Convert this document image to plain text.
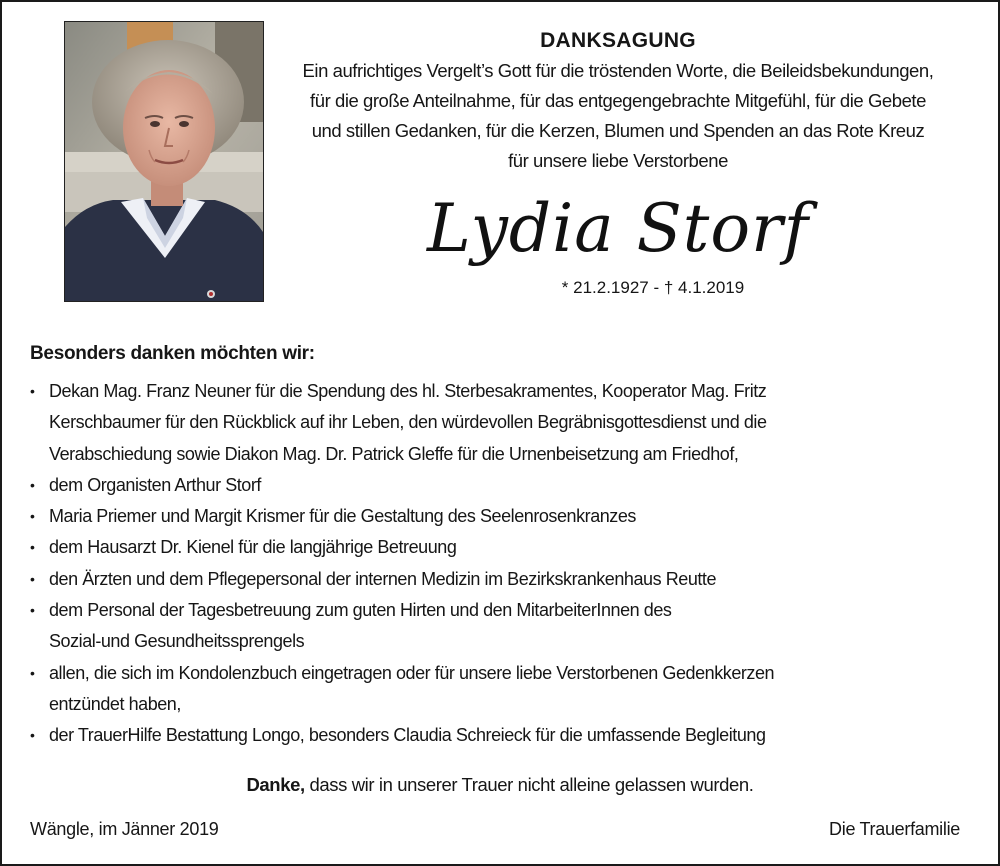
DANKSAGUNG
Ein aufrichtiges Vergelt’s Gott für die tröstenden Worte, die Beileidsbekundungen,
für die große Anteilnahme, für das entgegengebrachte Mitgefühl, für die Gebete
und stillen Gedanken, für die Kerzen, Blumen und Spenden an das Rote Kreuz
für unsere liebe Verstorbene
Lydia Storf
* 21.2.1927 - † 4.1.2019
Besonders danken möchten wir:
• Dekan Mag. Franz Neuner für die Spendung des hl. Sterbesakramentes, Kooperator Mag. Fritz
Kerschbaumer für den Rückblick auf ihr Leben, den würdevollen Begräbnisgottesdienst und die
Verabschiedung sowie Diakon Mag. Dr. Patrick Gleffe für die Urnenbeisetzung am Friedhof,
• dem Organisten Arthur Storf
• Maria Priemer und Margit Krismer für die Gestaltung des Seelenrosenkranzes
• dem Hausarzt Dr. Kienel für die langjährige Betreuung
• den Ärzten und dem Pflegepersonal der internen Medizin im Bezirkskrankenhaus Reutte
• dem Personal der Tagesbetreuung zum guten Hirten und den MitarbeiterInnen des
Sozial-und Gesundheitssprengels
• allen, die sich im Kondolenzbuch eingetragen oder für unsere liebe Verstorbenen Gedenkkerzen
entzündet haben,
• der TrauerHilfe Bestattung Longo, besonders Claudia Schreieck für die umfassende Begleitung
Danke, dass wir in unserer Trauer nicht alleine gelassen wurden.
Wängle, im Jänner 2019	Die Trauerfamilie
